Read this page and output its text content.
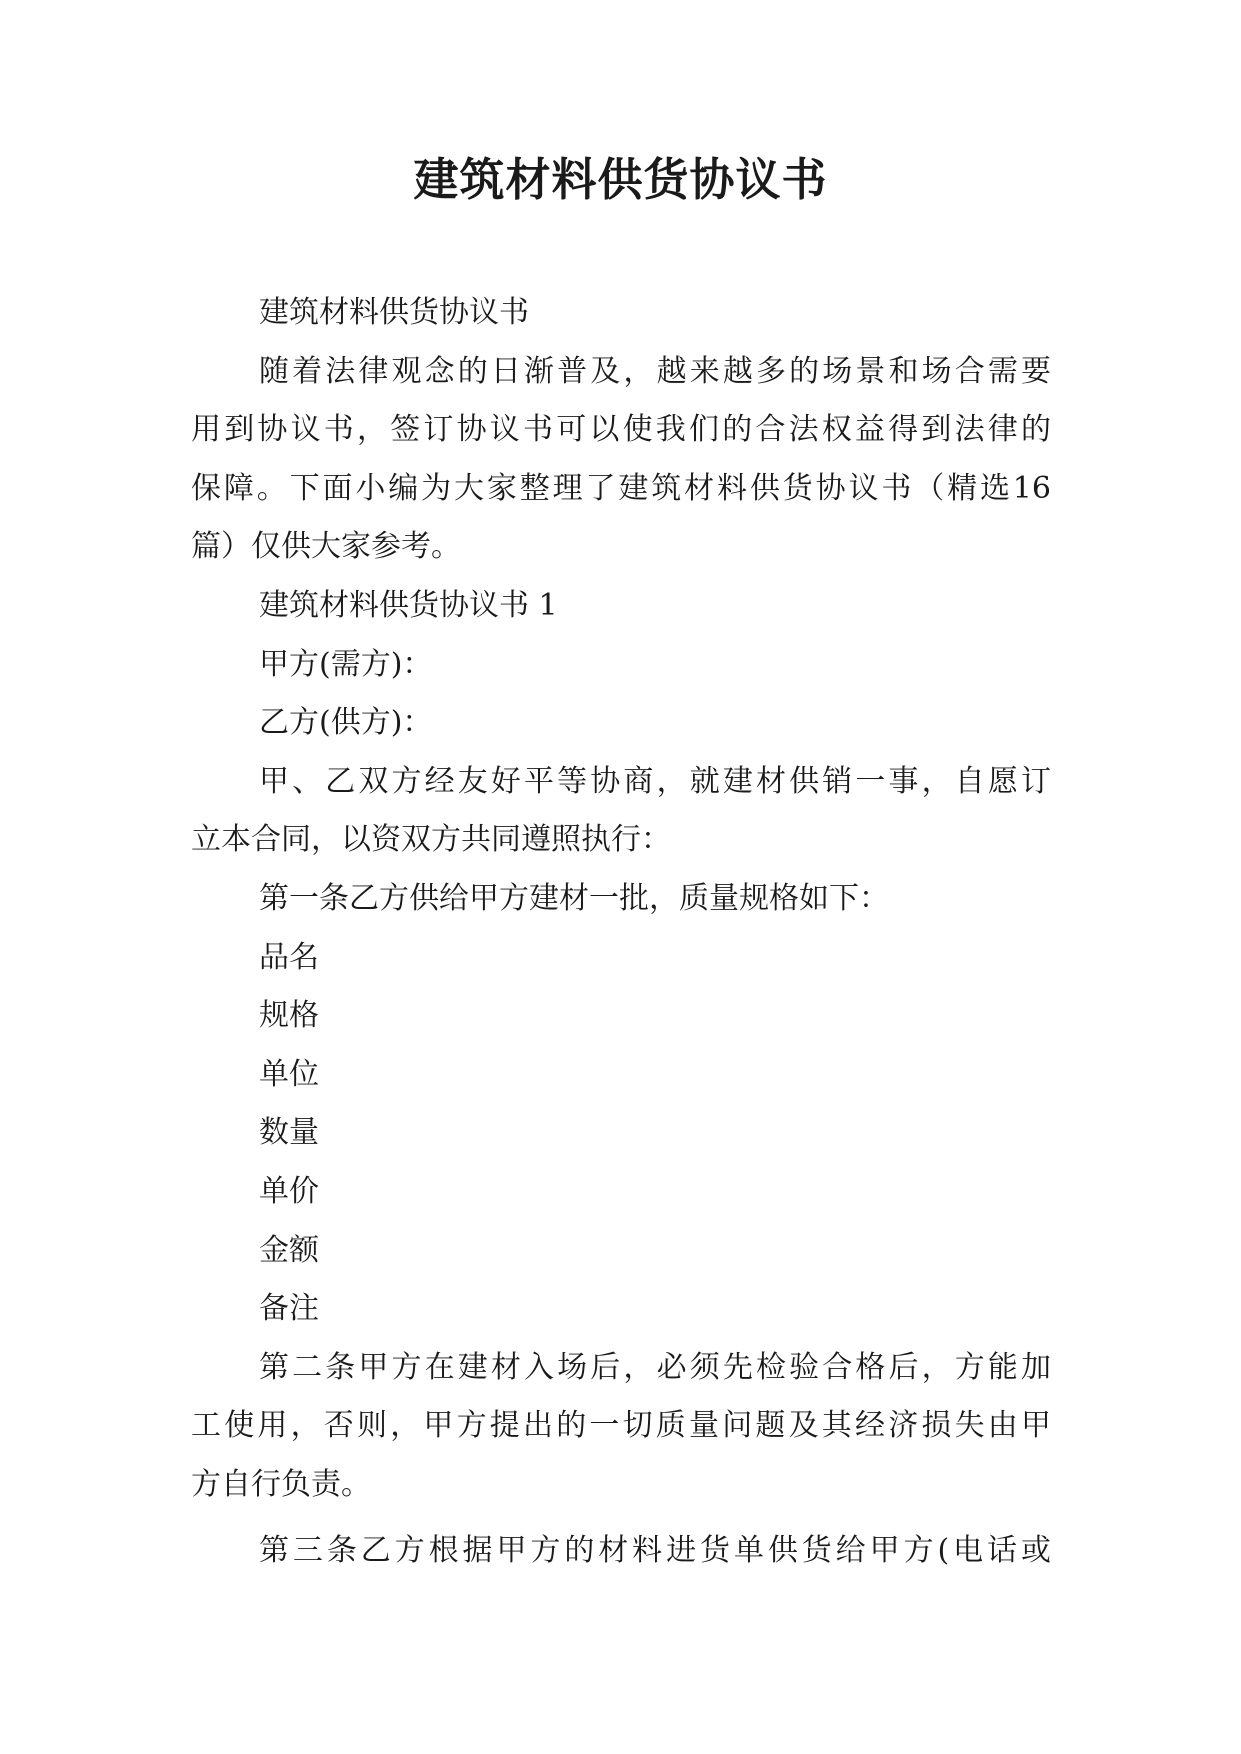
建筑材料供货协议书
建筑材料供货协议书
随着法律观念的日渐普及，越来越多的场景和场合需要
用到协议书，签订协议书可以使我们的合法权益得到法律的
保障。下面小编为大家整理了建筑材料供货协议书（精选16
篇）仅供大家参考。
建筑材料供货协议书 1
甲方(需方)：
乙方(供方)：
甲、乙双方经友好平等协商，就建材供销一事，自愿订
立本合同，以资双方共同遵照执行：
第一条乙方供给甲方建材一批，质量规格如下：
品名
规格
单位
数量
单价
金额
备注
第二条甲方在建材入场后，必须先检验合格后，方能加
工使用，否则，甲方提出的一切质量问题及其经济损失由甲
方自行负责。
第三条乙方根据甲方的材料进货单供货给甲方(电话或
